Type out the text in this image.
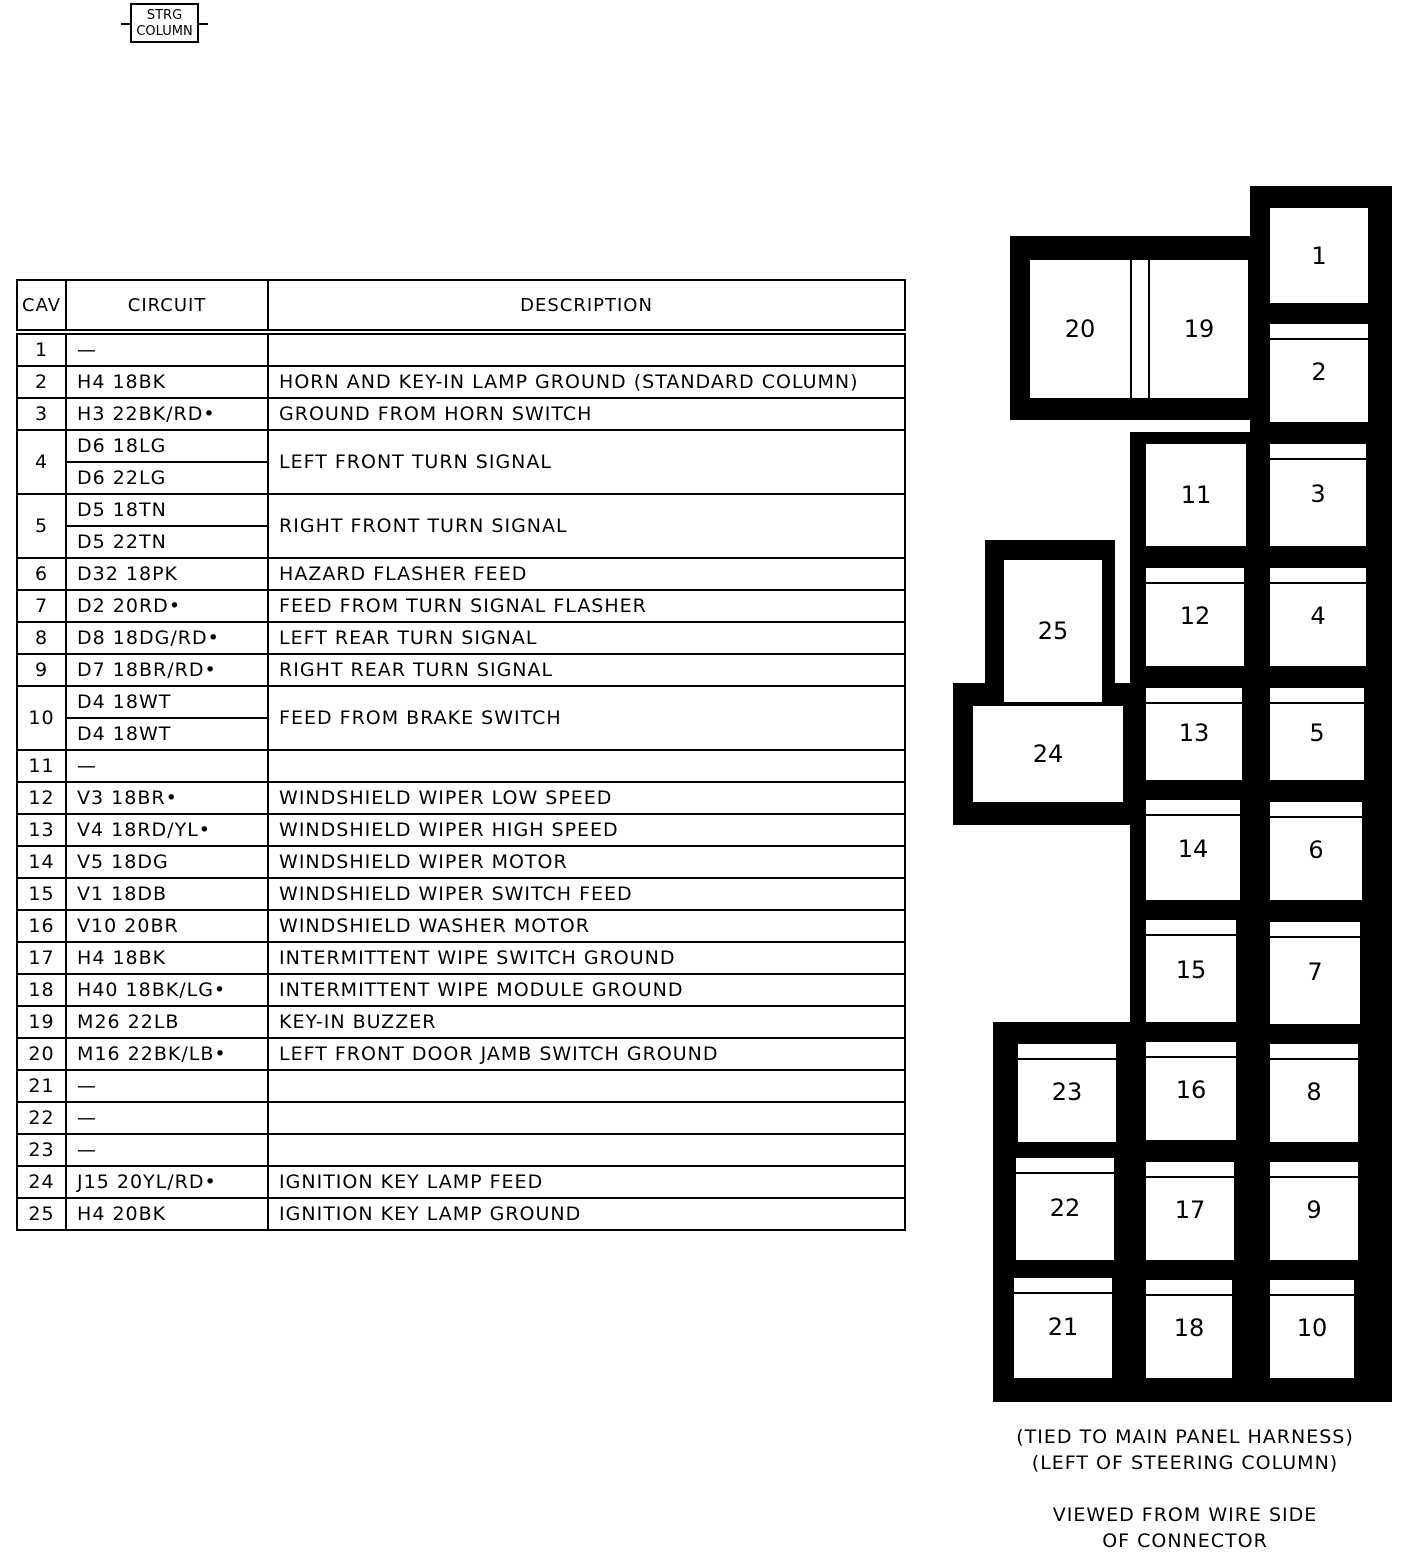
STRG
COLUMN
CAV	CIRCUIT	DESCRIPTION
1	—	
2	H4 18BK	HORN AND KEY-IN LAMP GROUND (STANDARD COLUMN)
3	H3 22BK/RD•	GROUND FROM HORN SWITCH
4	D6 18LG	LEFT FRONT TURN SIGNAL
	D6 22LG	
5	D5 18TN	RIGHT FRONT TURN SIGNAL
	D5 22TN	
6	D32 18PK	HAZARD FLASHER FEED
7	D2 20RD•	FEED FROM TURN SIGNAL FLASHER
8	D8 18DG/RD•	LEFT REAR TURN SIGNAL
9	D7 18BR/RD•	RIGHT REAR TURN SIGNAL
10	D4 18WT	FEED FROM BRAKE SWITCH
	D4 18WT	
11	—	
12	V3 18BR•	WINDSHIELD WIPER LOW SPEED
13	V4 18RD/YL•	WINDSHIELD WIPER HIGH SPEED
14	V5 18DG	WINDSHIELD WIPER MOTOR
15	V1 18DB	WINDSHIELD WIPER SWITCH FEED
16	V10 20BR	WINDSHIELD WASHER MOTOR
17	H4 18BK	INTERMITTENT WIPE SWITCH GROUND
18	H40 18BK/LG•	INTERMITTENT WIPE MODULE GROUND
19	M26 22LB	KEY-IN BUZZER
20	M16 22BK/LB•	LEFT FRONT DOOR JAMB SWITCH GROUND
21	—	
22	—	
23	—	
24	J15 20YL/RD•	IGNITION KEY LAMP FEED
25	H4 20BK	IGNITION KEY LAMP GROUND
1
2
3
4
5
6
7
8
9
10
11
12
13
14
15
16
17
18
19
20
21
22
23
24
25
(TIED TO MAIN PANEL HARNESS)
(LEFT OF STEERING COLUMN)
VIEWED FROM WIRE SIDE
OF CONNECTOR
